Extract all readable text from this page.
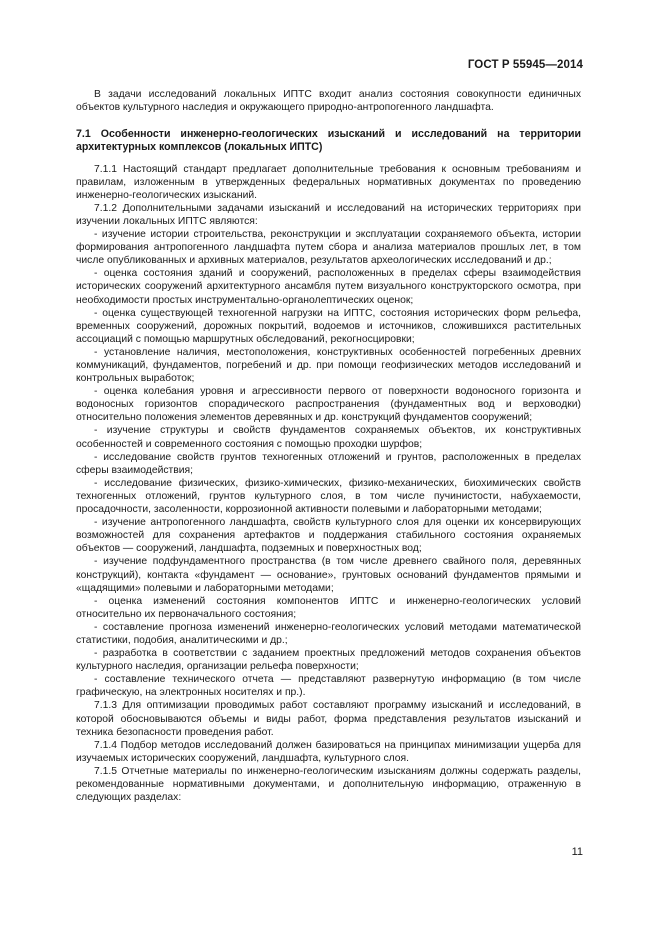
ГОСТ Р 55945—2014

В задачи исследований локальных ИПТС входит анализ состояния совокупности единичных объектов культурного наследия и окружающего природно-антропогенного ландшафта.

7.1 Особенности инженерно-геологических изысканий и исследований на территории архитектурных комплексов (локальных ИПТС)

7.1.1 Настоящий стандарт предлагает дополнительные требования к основным требованиям и правилам, изложенным в утвержденных федеральных нормативных документах по проведению инженерно-геологических изысканий.

7.1.2 Дополнительными задачами изысканий и исследований на исторических территориях при изучении локальных ИПТС являются:

- изучение истории строительства, реконструкции и эксплуатации сохраняемого объекта, истории формирования антропогенного ландшафта путем сбора и анализа материалов прошлых лет, в том числе опубликованных и архивных материалов, результатов археологических исследований и др.;

- оценка состояния зданий и сооружений, расположенных в пределах сферы взаимодействия исторических сооружений архитектурного ансамбля путем визуального конструкторского осмотра, при необходимости простых инструментально-органолептических оценок;

- оценка существующей техногенной нагрузки на ИПТС, состояния исторических форм рельефа, временных сооружений, дорожных покрытий, водоемов и источников, сложившихся растительных ассоциаций с помощью маршрутных обследований, рекогносцировки;

- установление наличия, местоположения, конструктивных особенностей погребенных древних коммуникаций, фундаментов, погребений и др. при помощи геофизических методов исследований и контрольных выработок;

- оценка колебания уровня и агрессивности первого от поверхности водоносного горизонта и водоносных горизонтов спорадического распространения (фундаментных вод и верховодки) относительно положения элементов деревянных и др. конструкций фундаментов сооружений;

- изучение структуры и свойств фундаментов сохраняемых объектов, их конструктивных особенностей и современного состояния с помощью проходки шурфов;

- исследование свойств грунтов техногенных отложений и грунтов, расположенных в пределах сферы взаимодействия;

- исследование физических, физико-химических, физико-механических, биохимических свойств техногенных отложений, грунтов культурного слоя, в том числе пучинистости, набухаемости, просадочности, засоленности, коррозионной активности полевыми и лабораторными методами;

- изучение антропогенного ландшафта, свойств культурного слоя для оценки их консервирующих возможностей для сохранения артефактов и поддержания стабильного состояния охраняемых объектов — сооружений, ландшафта, подземных и поверхностных вод;

- изучение подфундаментного пространства (в том числе древнего свайного поля, деревянных конструкций), контакта «фундамент — основание», грунтовых оснований фундаментов прямыми и «щадящими» полевыми и лабораторными методами;

- оценка изменений состояния компонентов ИПТС и инженерно-геологических условий относительно их первоначального состояния;

- составление прогноза изменений инженерно-геологических условий методами математической статистики, подобия, аналитическими и др.;

- разработка в соответствии с заданием проектных предложений методов сохранения объектов культурного наследия, организации рельефа поверхности;

- составление технического отчета — представляют развернутую информацию (в том числе графическую, на электронных носителях и пр.).

7.1.3 Для оптимизации проводимых работ составляют программу изысканий и исследований, в которой обосновываются объемы и виды работ, форма представления результатов изысканий и техника безопасности проведения работ.

7.1.4 Подбор методов исследований должен базироваться на принципах минимизации ущерба для изучаемых исторических сооружений, ландшафта, культурного слоя.

7.1.5 Отчетные материалы по инженерно-геологическим изысканиям должны содержать разделы, рекомендованные нормативными документами, и дополнительную информацию, отраженную в следующих разделах:

11
